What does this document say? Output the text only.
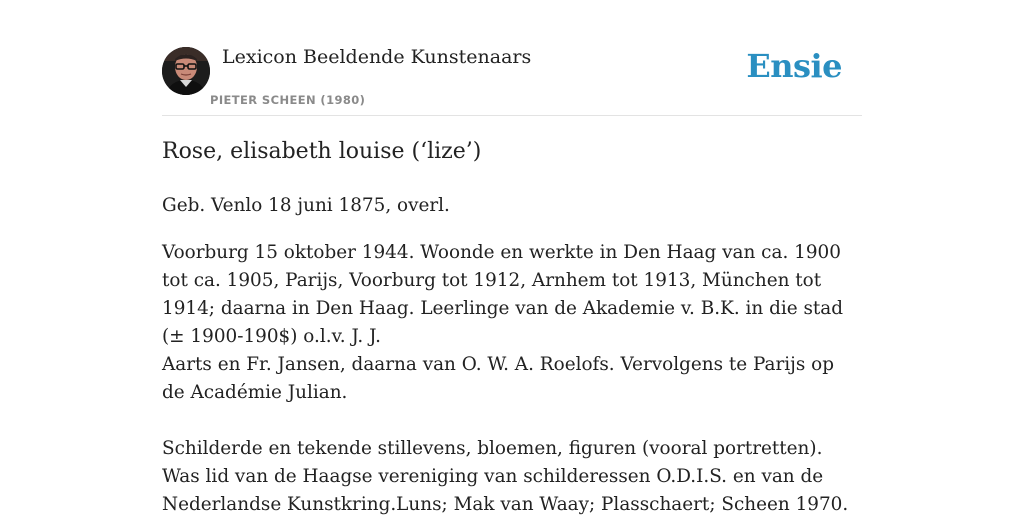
Lexicon Beeldende Kunstenaars
PIETER SCHEEN (1980)
Ensie
Rose, elisabeth louise (‘lize’)

Geb. Venlo 18 juni 1875, overl.

Voorburg 15 oktober 1944. Woonde en werkte in Den Haag van ca. 1900 tot ca. 1905, Parijs, Voorburg tot 1912, Arnhem tot 1913, München tot 1914; daarna in Den Haag. Leerlinge van de Akademie v. B.K. in die stad (± 1900-190$) o.l.v. J. J.

Aarts en Fr. Jansen, daarna van O. W. A. Roelofs. Vervolgens te Parijs op de Académie Julian.

Schilderde en tekende stillevens, bloemen, figuren (vooral portretten). Was lid van de Haagse vereniging van schilderessen O.D.I.S. en van de Nederlandse Kunstkring.Luns; Mak van Waay; Plasschaert; Scheen 1970.
